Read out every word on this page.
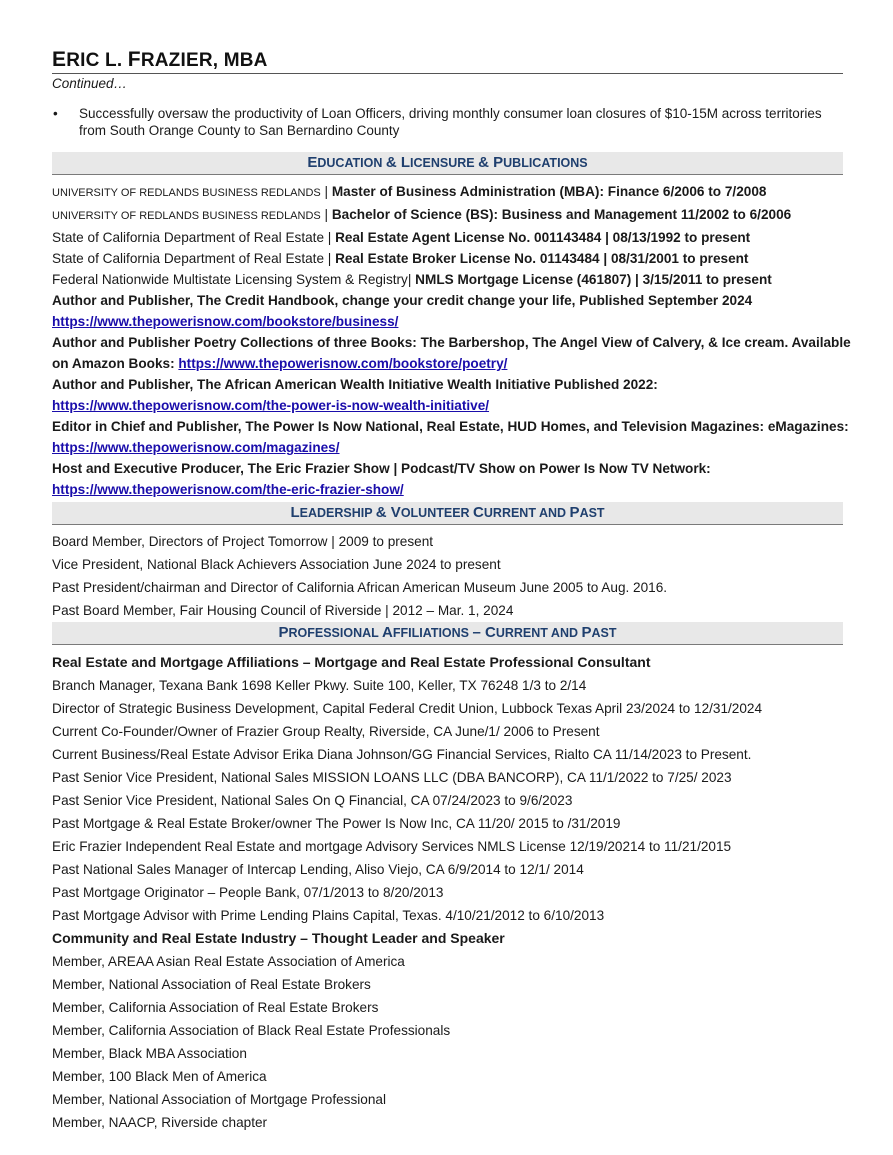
ERIC L. FRAZIER, MBA
Continued…
• Successfully oversaw the productivity of Loan Officers, driving monthly consumer loan closures of $10-15M across territories from South Orange County to San Bernardino County
EDUCATION & LICENSURE & PUBLICATIONS
UNIVERSITY OF REDLANDS BUSINESS REDLANDS | Master of Business Administration (MBA): Finance 6/2006 to 7/2008
UNIVERSITY OF REDLANDS BUSINESS REDLANDS | Bachelor of Science (BS): Business and Management 11/2002 to 6/2006
State of California Department of Real Estate | Real Estate Agent License No. 001143484 | 08/13/1992 to present
State of California Department of Real Estate | Real Estate Broker License No. 01143484 | 08/31/2001 to present
Federal Nationwide Multistate Licensing System & Registry| NMLS Mortgage License (461807) | 3/15/2011 to present
Author and Publisher, The Credit Handbook, change your credit change your life, Published September 2024
https://www.thepowerisnow.com/bookstore/business/
Author and Publisher Poetry Collections of three Books: The Barbershop, The Angel View of Calvery, & Ice cream. Available
on Amazon Books: https://www.thepowerisnow.com/bookstore/poetry/
Author and Publisher, The African American Wealth Initiative Wealth Initiative Published 2022:
https://www.thepowerisnow.com/the-power-is-now-wealth-initiative/
Editor in Chief and Publisher, The Power Is Now National, Real Estate, HUD Homes, and Television Magazines: eMagazines:
https://www.thepowerisnow.com/magazines/
Host and Executive Producer, The Eric Frazier Show | Podcast/TV Show on Power Is Now TV Network:
https://www.thepowerisnow.com/the-eric-frazier-show/
LEADERSHIP & VOLUNTEER CURRENT AND PAST
Board Member, Directors of Project Tomorrow | 2009 to present
Vice President, National Black Achievers Association June 2024 to present
Past President/chairman and Director of California African American Museum June 2005 to Aug. 2016.
Past Board Member, Fair Housing Council of Riverside | 2012 – Mar. 1, 2024
PROFESSIONAL AFFILIATIONS – CURRENT AND PAST
Real Estate and Mortgage Affiliations – Mortgage and Real Estate Professional Consultant
Branch Manager, Texana Bank 1698 Keller Pkwy. Suite 100, Keller, TX 76248 1/3 to 2/14
Director of Strategic Business Development, Capital Federal Credit Union, Lubbock Texas April 23/2024 to 12/31/2024
Current Co-Founder/Owner of Frazier Group Realty, Riverside, CA June/1/ 2006 to Present
Current Business/Real Estate Advisor Erika Diana Johnson/GG Financial Services, Rialto CA 11/14/2023 to Present.
Past Senior Vice President, National Sales MISSION LOANS LLC (DBA BANCORP), CA 11/1/2022 to 7/25/ 2023
Past Senior Vice President, National Sales On Q Financial, CA 07/24/2023 to 9/6/2023
Past Mortgage & Real Estate Broker/owner The Power Is Now Inc, CA 11/20/ 2015 to /31/2019
Eric Frazier Independent Real Estate and mortgage Advisory Services NMLS License 12/19/20214 to 11/21/2015
Past National Sales Manager of Intercap Lending, Aliso Viejo, CA 6/9/2014 to 12/1/ 2014
Past Mortgage Originator – People Bank, 07/1/2013 to 8/20/2013
Past Mortgage Advisor with Prime Lending Plains Capital, Texas. 4/10/21/2012 to 6/10/2013
Community and Real Estate Industry – Thought Leader and Speaker
Member, AREAA Asian Real Estate Association of America
Member, National Association of Real Estate Brokers
Member, California Association of Real Estate Brokers
Member, California Association of Black Real Estate Professionals
Member, Black MBA Association
Member, 100 Black Men of America
Member, National Association of Mortgage Professional
Member, NAACP, Riverside chapter
